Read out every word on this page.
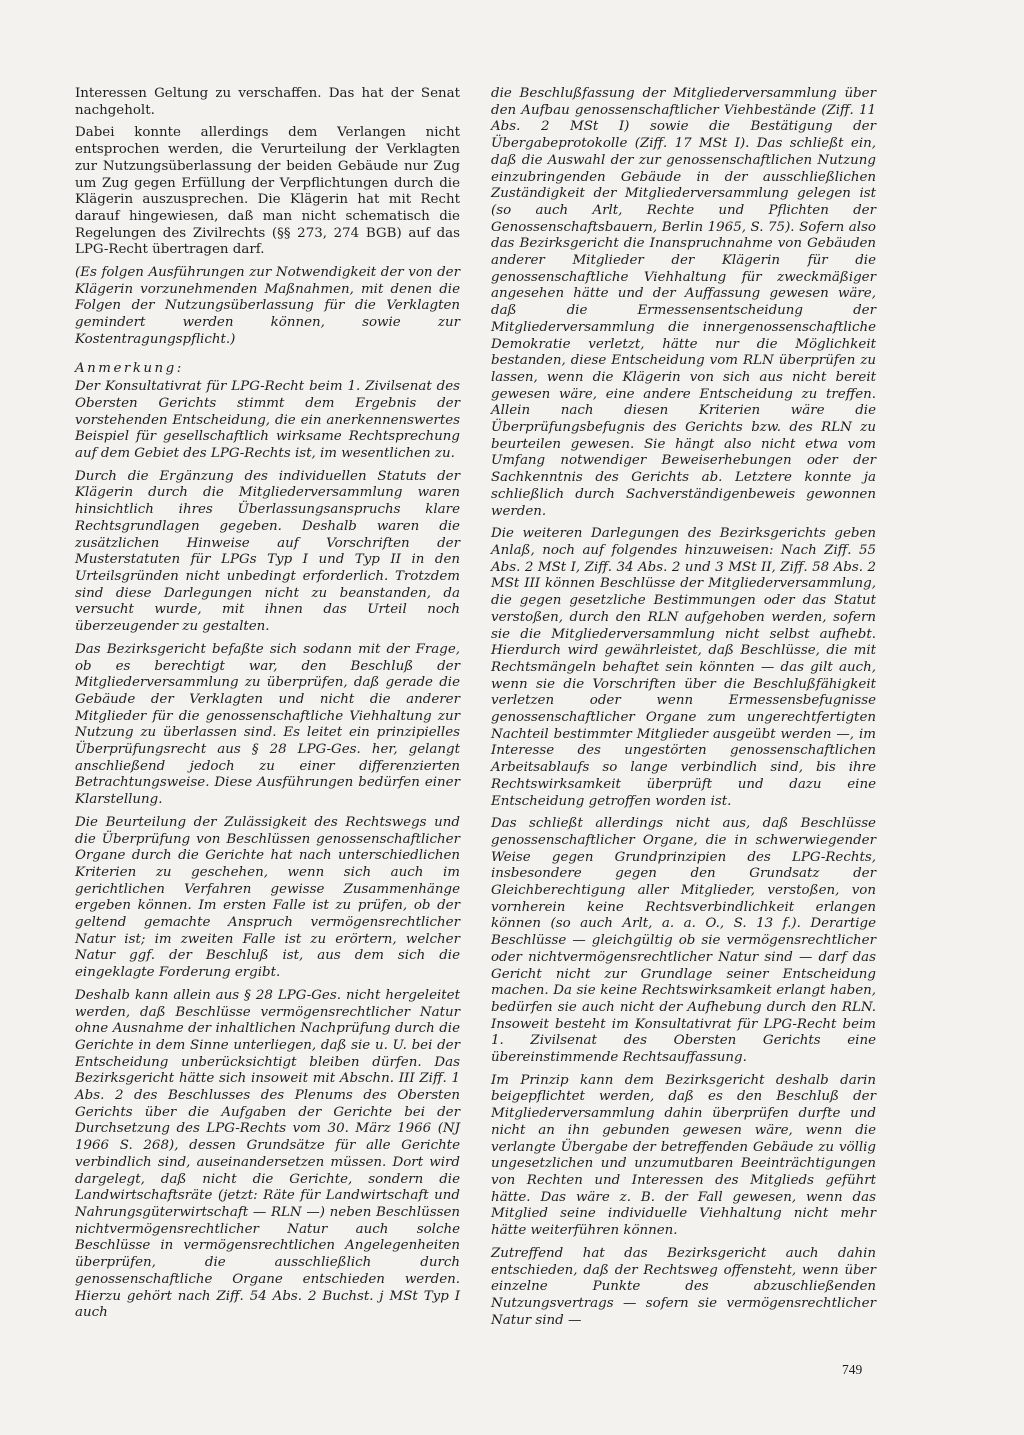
Interessen Geltung zu verschaffen. Das hat der Senat nachgeholt.

Dabei konnte allerdings dem Verlangen nicht entsprochen werden, die Verurteilung der Verklagten zur Nutzungsüberlassung der beiden Gebäude nur Zug um Zug gegen Erfüllung der Verpflichtungen durch die Klägerin auszusprechen. Die Klägerin hat mit Recht darauf hingewiesen, daß man nicht schematisch die Regelungen des Zivilrechts (§§ 273, 274 BGB) auf das LPG-Recht übertragen darf.

(Es folgen Ausführungen zur Notwendigkeit der von der Klägerin vorzunehmenden Maßnahmen, mit denen die Folgen der Nutzungsüberlassung für die Verklagten gemindert werden können, sowie zur Kostentragungspflicht.)

Anmerkung:

Der Konsultativrat für LPG-Recht beim 1. Zivilsenat des Obersten Gerichts stimmt dem Ergebnis der vorstehenden Entscheidung, die ein anerkennenswertes Beispiel für gesellschaftlich wirksame Rechtsprechung auf dem Gebiet des LPG-Rechts ist, im wesentlichen zu.

Durch die Ergänzung des individuellen Statuts der Klägerin durch die Mitgliederversammlung waren hinsichtlich ihres Überlassungsanspruchs klare Rechtsgrundlagen gegeben. Deshalb waren die zusätzlichen Hinweise auf Vorschriften der Musterstatuten für LPGs Typ I und Typ II in den Urteilsgründen nicht unbedingt erforderlich. Trotzdem sind diese Darlegungen nicht zu beanstanden, da versucht wurde, mit ihnen das Urteil noch überzeugender zu gestalten.

Das Bezirksgericht befaßte sich sodann mit der Frage, ob es berechtigt war, den Beschluß der Mitgliederversammlung zu überprüfen, daß gerade die Gebäude der Verklagten und nicht die anderer Mitglieder für die genossenschaftliche Viehhaltung zur Nutzung zu überlassen sind. Es leitet ein prinzipielles Überprüfungsrecht aus § 28 LPG-Ges. her, gelangt anschließend jedoch zu einer differenzierten Betrachtungsweise. Diese Ausführungen bedürfen einer Klarstellung.

Die Beurteilung der Zulässigkeit des Rechtswegs und die Überprüfung von Beschlüssen genossenschaftlicher Organe durch die Gerichte hat nach unterschiedlichen Kriterien zu geschehen, wenn sich auch im gerichtlichen Verfahren gewisse Zusammenhänge ergeben können. Im ersten Falle ist zu prüfen, ob der geltend gemachte Anspruch vermögensrechtlicher Natur ist; im zweiten Falle ist zu erörtern, welcher Natur ggf. der Beschluß ist, aus dem sich die eingeklagte Forderung ergibt.

Deshalb kann allein aus § 28 LPG-Ges. nicht hergeleitet werden, daß Beschlüsse vermögensrechtlicher Natur ohne Ausnahme der inhaltlichen Nachprüfung durch die Gerichte in dem Sinne unterliegen, daß sie u. U. bei der Entscheidung unberücksichtigt bleiben dürfen. Das Bezirksgericht hätte sich insoweit mit Abschn. III Ziff. 1 Abs. 2 des Beschlusses des Plenums des Obersten Gerichts über die Aufgaben der Gerichte bei der Durchsetzung des LPG-Rechts vom 30. März 1966 (NJ 1966 S. 268), dessen Grundsätze für alle Gerichte verbindlich sind, auseinandersetzen müssen. Dort wird dargelegt, daß nicht die Gerichte, sondern die Landwirtschaftsräte (jetzt: Räte für Landwirtschaft und Nahrungsgüterwirtschaft — RLN —) neben Beschlüssen nichtvermögensrechtlicher Natur auch solche Beschlüsse in vermögensrechtlichen Angelegenheiten überprüfen, die ausschließlich durch genossenschaftliche Organe entschieden werden. Hierzu gehört nach Ziff. 54 Abs. 2 Buchst. j MSt Typ I auch

die Beschlußfassung der Mitgliederversammlung über den Aufbau genossenschaftlicher Viehbestände (Ziff. 11 Abs. 2 MSt I) sowie die Bestätigung der Übergabeprotokolle (Ziff. 17 MSt I). Das schließt ein, daß die Auswahl der zur genossenschaftlichen Nutzung einzubringenden Gebäude in der ausschließlichen Zuständigkeit der Mitgliederversammlung gelegen ist (so auch Arlt, Rechte und Pflichten der Genossenschaftsbauern, Berlin 1965, S. 75). Sofern also das Bezirksgericht die Inanspruchnahme von Gebäuden anderer Mitglieder der Klägerin für die genossenschaftliche Viehhaltung für zweckmäßiger angesehen hätte und der Auffassung gewesen wäre, daß die Ermessensentscheidung der Mitgliederversammlung die innergenossenschaftliche Demokratie verletzt, hätte nur die Möglichkeit bestanden, diese Entscheidung vom RLN überprüfen zu lassen, wenn die Klägerin von sich aus nicht bereit gewesen wäre, eine andere Entscheidung zu treffen. Allein nach diesen Kriterien wäre die Überprüfungsbefugnis des Gerichts bzw. des RLN zu beurteilen gewesen. Sie hängt also nicht etwa vom Umfang notwendiger Beweiserhebungen oder der Sachkenntnis des Gerichts ab. Letztere konnte ja schließlich durch Sachverständigenbeweis gewonnen werden.

Die weiteren Darlegungen des Bezirksgerichts geben Anlaß, noch auf folgendes hinzuweisen: Nach Ziff. 55 Abs. 2 MSt I, Ziff. 34 Abs. 2 und 3 MSt II, Ziff. 58 Abs. 2 MSt III können Beschlüsse der Mitgliederversammlung, die gegen gesetzliche Bestimmungen oder das Statut verstoßen, durch den RLN aufgehoben werden, sofern sie die Mitgliederversammlung nicht selbst aufhebt. Hierdurch wird gewährleistet, daß Beschlüsse, die mit Rechtsmängeln behaftet sein könnten — das gilt auch, wenn sie die Vorschriften über die Beschlußfähigkeit verletzen oder wenn Ermessensbefugnisse genossenschaftlicher Organe zum ungerechtfertigten Nachteil bestimmter Mitglieder ausgeübt werden —, im Interesse des ungestörten genossenschaftlichen Arbeitsablaufs so lange verbindlich sind, bis ihre Rechtswirksamkeit überprüft und dazu eine Entscheidung getroffen worden ist.

Das schließt allerdings nicht aus, daß Beschlüsse genossenschaftlicher Organe, die in schwerwiegender Weise gegen Grundprinzipien des LPG-Rechts, insbesondere gegen den Grundsatz der Gleichberechtigung aller Mitglieder, verstoßen, von vornherein keine Rechtsverbindlichkeit erlangen können (so auch Arlt, a. a. O., S. 13 f.). Derartige Beschlüsse — gleichgültig ob sie vermögensrechtlicher oder nichtvermögensrechtlicher Natur sind — darf das Gericht nicht zur Grundlage seiner Entscheidung machen. Da sie keine Rechtswirksamkeit erlangt haben, bedürfen sie auch nicht der Aufhebung durch den RLN. Insoweit besteht im Konsultativrat für LPG-Recht beim 1. Zivilsenat des Obersten Gerichts eine übereinstimmende Rechtsauffassung.

Im Prinzip kann dem Bezirksgericht deshalb darin beigepflichtet werden, daß es den Beschluß der Mitgliederversammlung dahin überprüfen durfte und nicht an ihn gebunden gewesen wäre, wenn die verlangte Übergabe der betreffenden Gebäude zu völlig ungesetzlichen und unzumutbaren Beeinträchtigungen von Rechten und Interessen des Mitglieds geführt hätte. Das wäre z. B. der Fall gewesen, wenn das Mitglied seine individuelle Viehhaltung nicht mehr hätte weiterführen können.

Zutreffend hat das Bezirksgericht auch dahin entschieden, daß der Rechtsweg offensteht, wenn über einzelne Punkte des abzuschließenden Nutzungsvertrags — sofern sie vermögensrechtlicher Natur sind —

749
